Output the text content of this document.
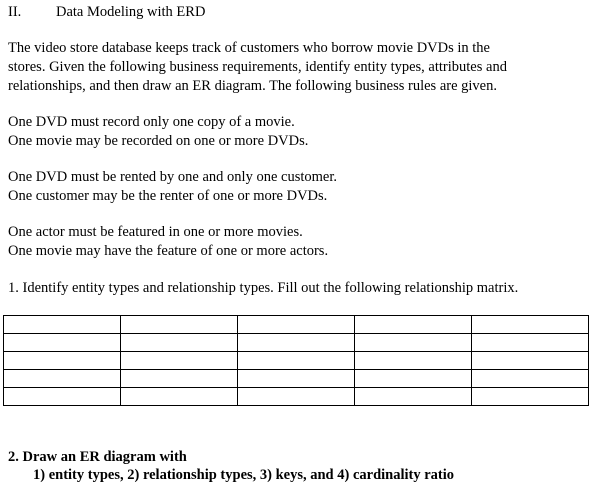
II. Data Modeling with ERD

The video store database keeps track of customers who borrow movie DVDs in the

stores. Given the following business requirements, identify entity types, attributes and

relationships, and then draw an ER diagram. The following business rules are given.

One DVD must record only one copy of a movie.

One movie may be recorded on one or more DVDs.

One DVD must be rented by one and only one customer.

One customer may be the renter of one or more DVDs.

One actor must be featured in one or more movies.

One movie may have the feature of one or more actors.

1. Identify entity types and relationship types. Fill out the following relationship matrix.

2. Draw an ER diagram with

1) entity types, 2) relationship types, 3) keys, and 4) cardinality ratio
